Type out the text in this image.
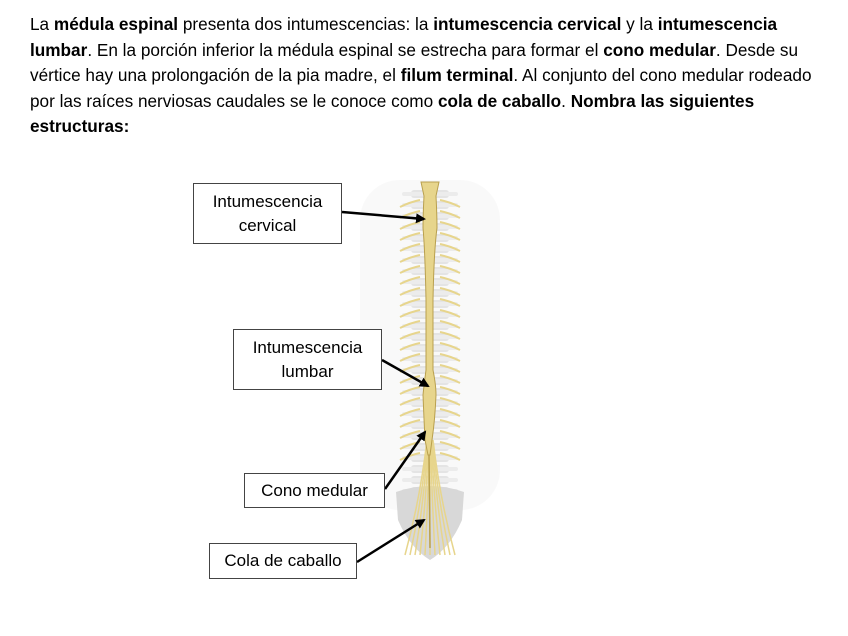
La médula espinal presenta dos intumescencias: la intumescencia cervical y la intumescencia lumbar. En la porción inferior la médula espinal se estrecha para formar el cono medular. Desde su vértice hay una prolongación de la pia madre, el filum terminal. Al conjunto del cono medular rodeado por las raíces nerviosas caudales se le conoce como cola de caballo. Nombra las siguientes estructuras:

Intumescencia
cervical
Intumescencia
lumbar
Cono medular
Cola de caballo
